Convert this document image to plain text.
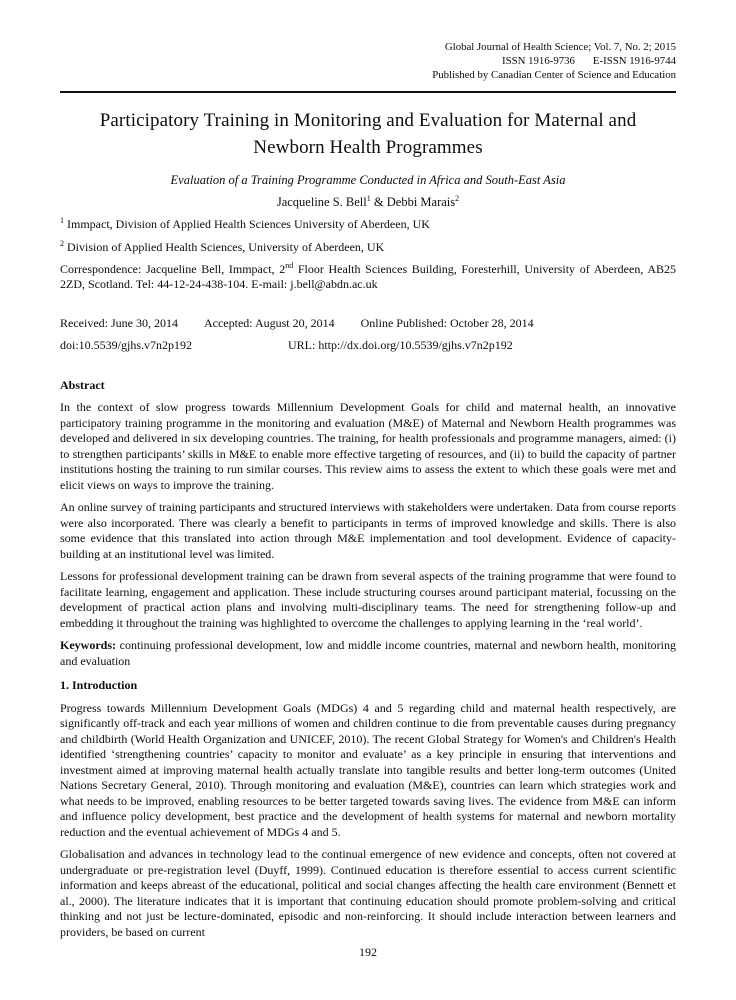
Global Journal of Health Science; Vol. 7, No. 2; 2015
ISSN 1916-9736 E-ISSN 1916-9744
Published by Canadian Center of Science and Education
Participatory Training in Monitoring and Evaluation for Maternal and Newborn Health Programmes
Evaluation of a Training Programme Conducted in Africa and South-East Asia
Jacqueline S. Bell$^1$ & Debbi Marais$^2$
$^1$ Immpact, Division of Applied Health Sciences University of Aberdeen, UK
$^2$ Division of Applied Health Sciences, University of Aberdeen, UK
Correspondence: Jacqueline Bell, Immpact, 2nd Floor Health Sciences Building, Foresterhill, University of Aberdeen, AB25 2ZD, Scotland. Tel: 44-12-24-438-104. E-mail: j.bell@abdn.ac.uk
Received: June 30, 2014 Accepted: August 20, 2014 Online Published: October 28, 2014
doi:10.5539/gjhs.v7n2p192	URL: http://dx.doi.org/10.5539/gjhs.v7n2p192
Abstract

In the context of slow progress towards Millennium Development Goals for child and maternal health, an innovative participatory training programme in the monitoring and evaluation (M&E) of Maternal and Newborn Health programmes was developed and delivered in six developing countries. The training, for health professionals and programme managers, aimed: (i) to strengthen participants’ skills in M&E to enable more effective targeting of resources, and (ii) to build the capacity of partner institutions hosting the training to run similar courses. This review aims to assess the extent to which these goals were met and elicit views on ways to improve the training.

An online survey of training participants and structured interviews with stakeholders were undertaken. Data from course reports were also incorporated. There was clearly a benefit to participants in terms of improved knowledge and skills. There is also some evidence that this translated into action through M&E implementation and tool development. Evidence of capacity-building at an institutional level was limited.

Lessons for professional development training can be drawn from several aspects of the training programme that were found to facilitate learning, engagement and application. These include structuring courses around participant material, focussing on the development of practical action plans and involving multi-disciplinary teams. The need for strengthening follow-up and embedding it throughout the training was highlighted to overcome the challenges to applying learning in the ‘real world’.

Keywords: continuing professional development, low and middle income countries, maternal and newborn health, monitoring and evaluation

1. Introduction

Progress towards Millennium Development Goals (MDGs) 4 and 5 regarding child and maternal health respectively, are significantly off-track and each year millions of women and children continue to die from preventable causes during pregnancy and childbirth (World Health Organization and UNICEF, 2010). The recent Global Strategy for Women's and Children's Health identified ‘strengthening countries’ capacity to monitor and evaluate’ as a key principle in ensuring that interventions and investment aimed at improving maternal health actually translate into tangible results and better long-term outcomes (United Nations Secretary General, 2010). Through monitoring and evaluation (M&E), countries can learn which strategies work and what needs to be improved, enabling resources to be better targeted towards saving lives. The evidence from M&E can inform and influence policy development, best practice and the development of health systems for maternal and newborn mortality reduction and the eventual achievement of MDGs 4 and 5.

Globalisation and advances in technology lead to the continual emergence of new evidence and concepts, often not covered at undergraduate or pre-registration level (Duyff, 1999). Continued education is therefore essential to access current scientific information and keeps abreast of the educational, political and social changes affecting the health care environment (Bennett et al., 2000). The literature indicates that it is important that continuing education should promote problem-solving and critical thinking and not just be lecture-dominated, episodic and non-reinforcing. It should include interaction between learners and providers, be based on current

192
